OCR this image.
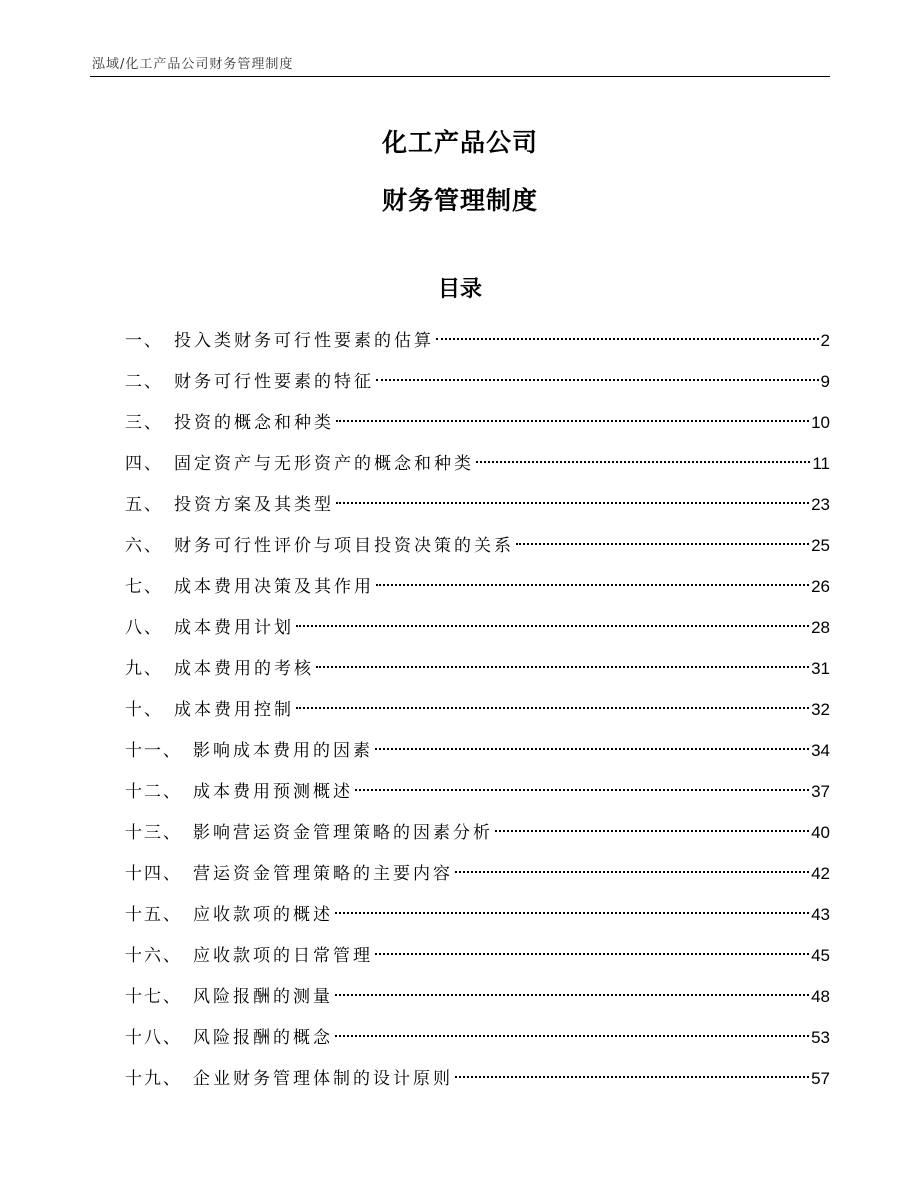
泓域/化工产品公司财务管理制度
化工产品公司
财务管理制度
目录
一 、 投入类财务可行性要素的估算	2
二 、 财务可行性要素的特征	9
三 、 投资的概念和种类	10
四 、 固定资产与无形资产的概念和种类	11
五 、 投资方案及其类型	23
六 、 财务可行性评价与项目投资决策的关系	25
七 、 成本费用决策及其作用	26
八 、 成本费用计划	28
九 、 成本费用的考核	31
十 、 成本费用控制	32
十一 、 影响成本费用的因素	34
十二 、 成本费用预测概述	37
十三 、 影响营运资金管理策略的因素分析	40
十四 、 营运资金管理策略的主要内容	42
十五 、 应收款项的概述	43
十六 、 应收款项的日常管理	45
十七 、 风险报酬的测量	48
十八 、 风险报酬的概念	53
十九 、 企业财务管理体制的设计原则	57
